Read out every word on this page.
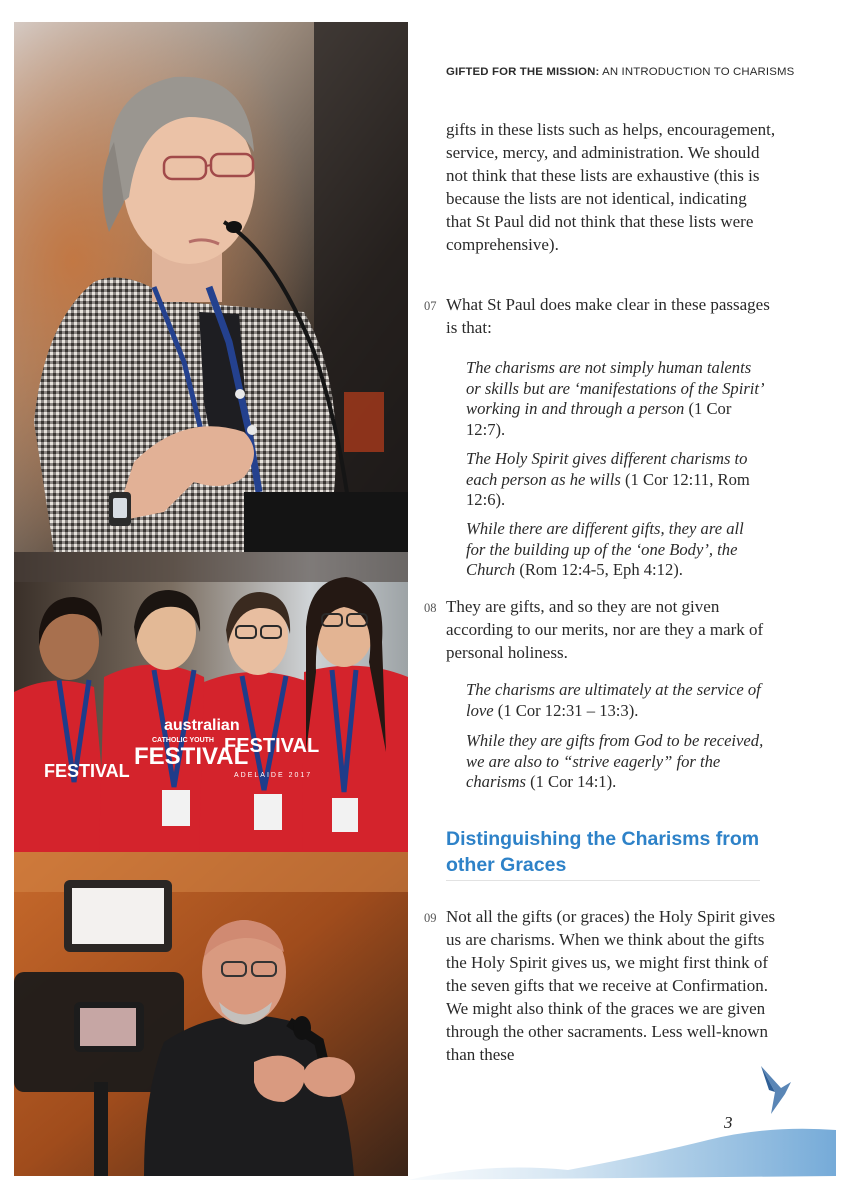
australian
CATHOLIC YOUTH
FESTIVAL
FESTIVAL
FESTIVAL	ADELAIDE 2017
GIFTED FOR THE MISSION: AN INTRODUCTION TO CHARISMS

gifts in these lists such as helps, encouragement, service, mercy, and administration. We should not think that these lists are exhaustive (this is because the lists are not identical, indicating that St Paul did not think that these lists were comprehensive).

07 What St Paul does make clear in these passages is that:
The charisms are not simply human talents or skills but are ‘manifestations of the Spirit’ working in and through a person (1 Cor 12:7).
The Holy Spirit gives different charisms to each person as he wills (1 Cor 12:11, Rom 12:6).
While there are different gifts, they are all for the building up of the ‘one Body’, the Church (Rom 12:4-5, Eph 4:12).
08 They are gifts, and so they are not given according to our merits, nor are they a mark of personal holiness.
The charisms are ultimately at the service of love (1 Cor 12:31 – 13:3).
While they are gifts from God to be received, we are also to “strive eagerly” for the charisms (1 Cor 14:1).
Distinguishing the Charisms from other Graces
09 Not all the gifts (or graces) the Holy Spirit gives us are charisms. When we think about the gifts the Holy Spirit gives us, we might first think of the seven gifts that we receive at Confirmation. We might also think of the graces we are given through the other sacraments. Less well-known than these
3
